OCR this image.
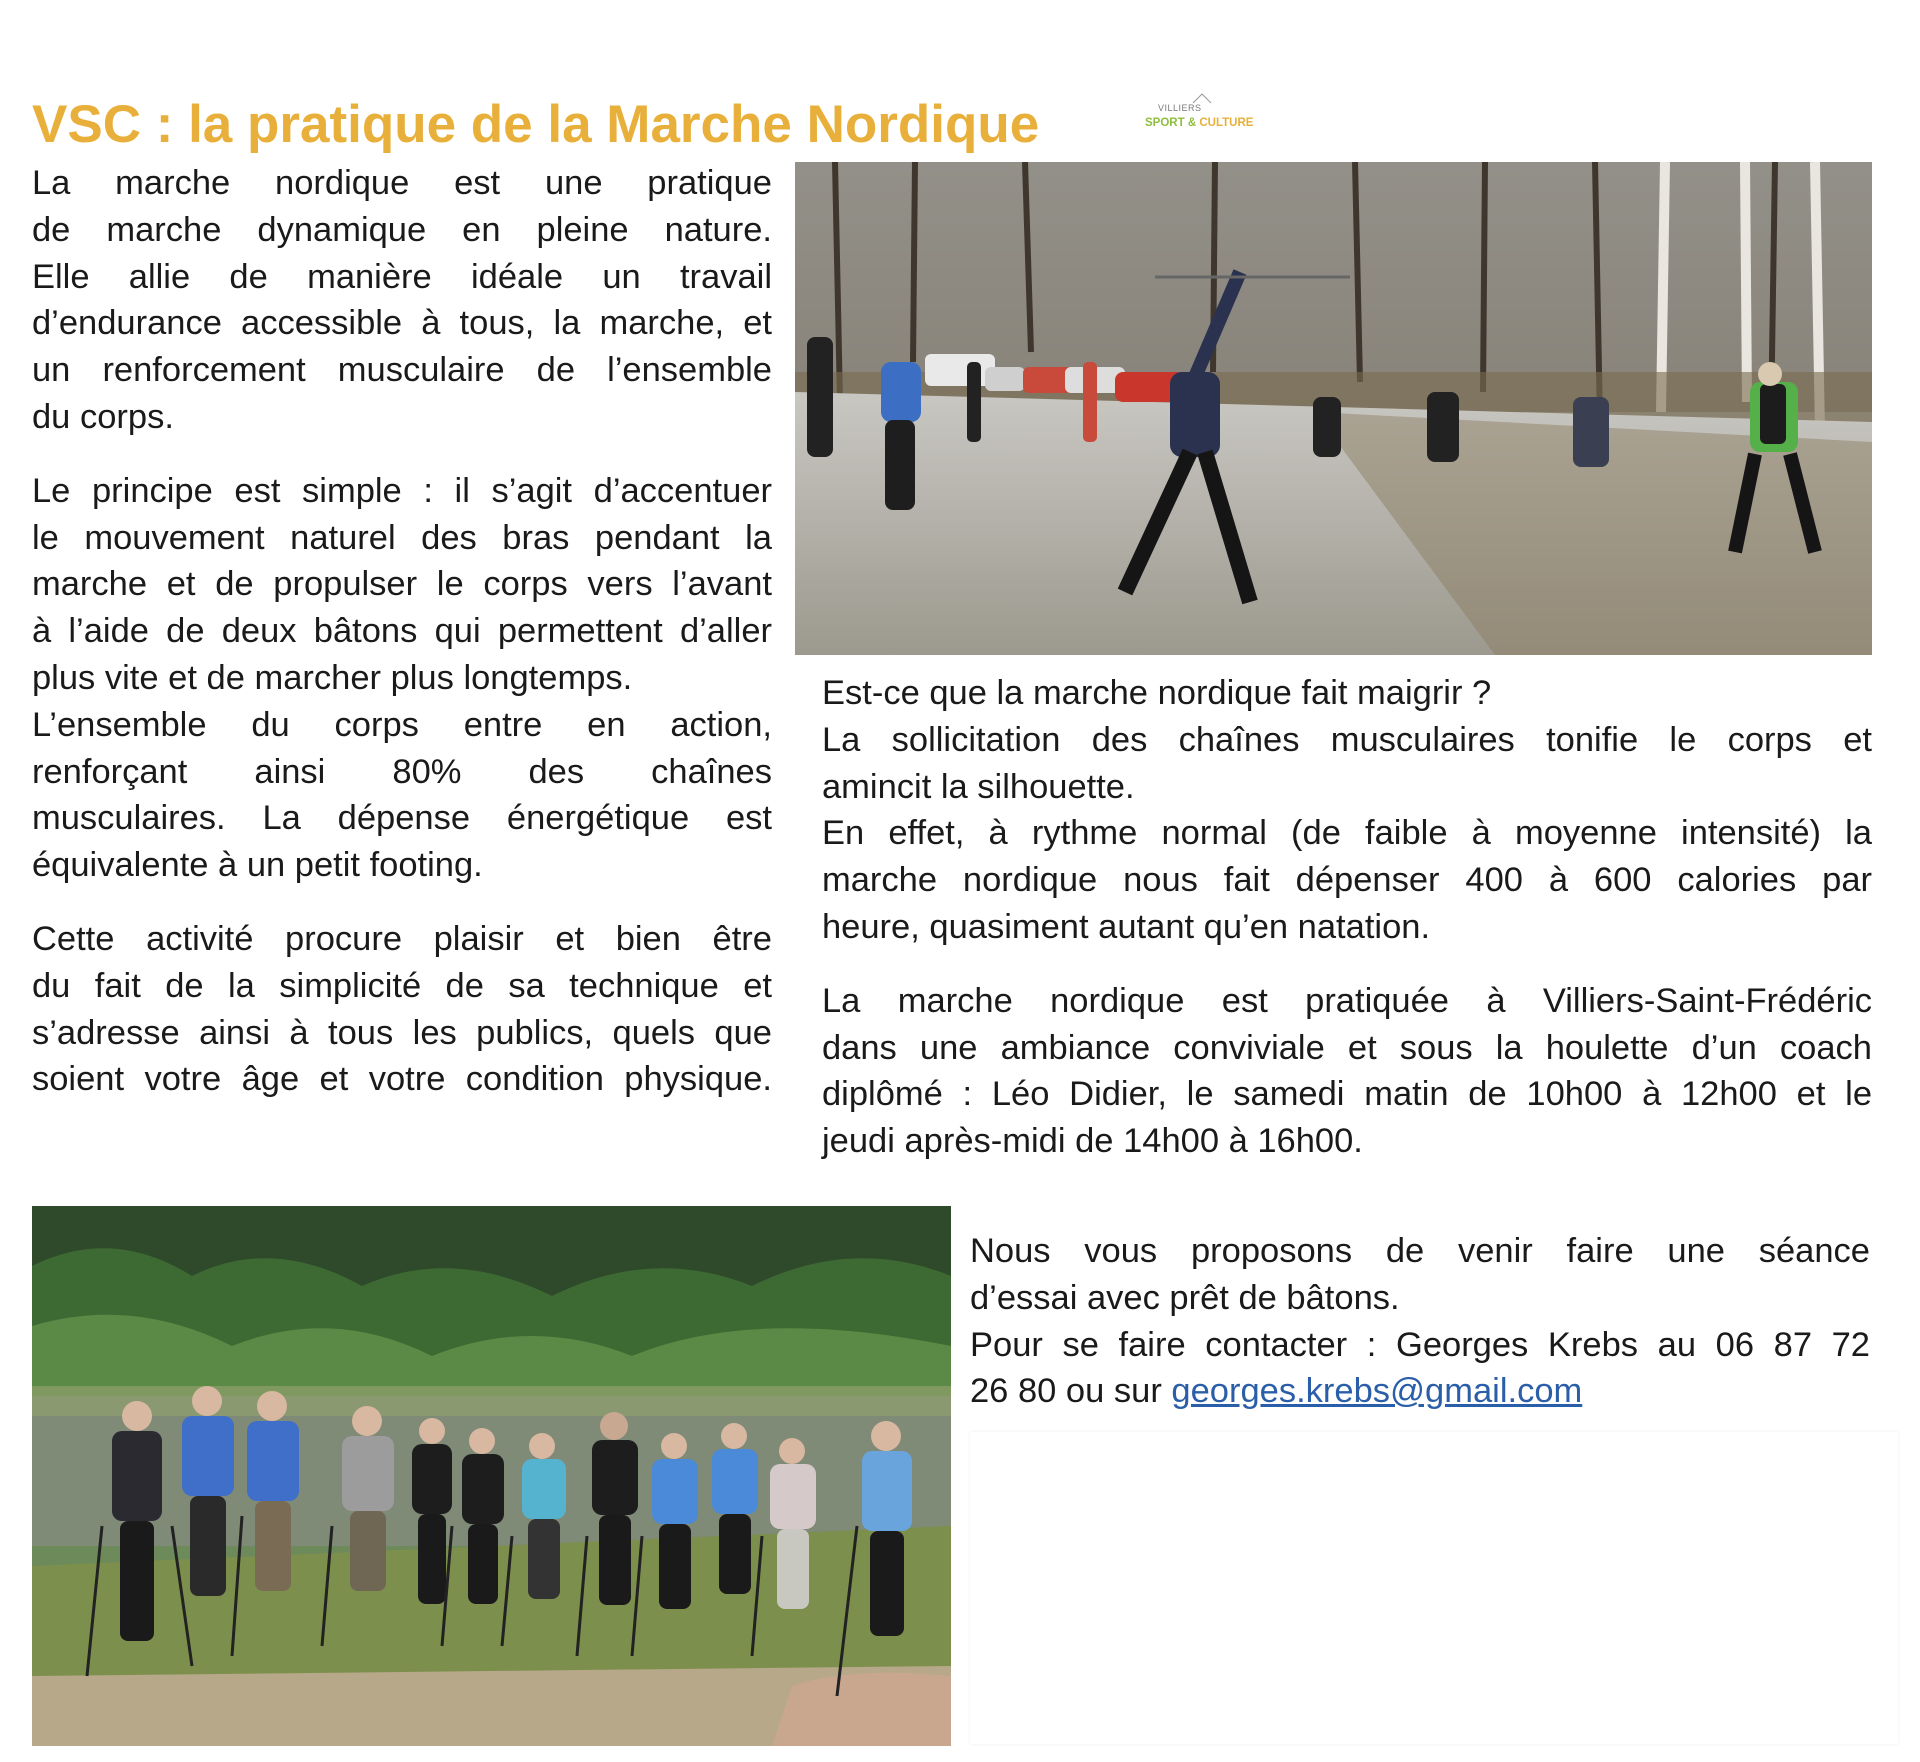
VSC : la pratique de la Marche Nordique	VILLIERS
SPORT & CULTURE

La marche nordique est une pratique

de marche dynamique en pleine nature.

Elle allie de manière idéale un travail

d’endurance accessible à tous, la marche, et

un renforcement musculaire de l’ensemble

du corps.

Le principe est simple : il s’agit d’accentuer

le mouvement naturel des bras pendant la

marche et de propulser le corps vers l’avant

à l’aide de deux bâtons qui permettent d’aller

plus vite et de marcher plus longtemps.

L’ensemble du corps entre en action,

renforçant ainsi 80% des chaînes

musculaires. La dépense énergétique est

équivalente à un petit footing.

Cette activité procure plaisir et bien être

du fait de la simplicité de sa technique et

s’adresse ainsi à tous les publics, quels que

soient votre âge et votre condition physique.

Est-ce que la marche nordique fait maigrir ?

La sollicitation des chaînes musculaires tonifie le corps et

amincit la silhouette.

En effet, à rythme normal (de faible à moyenne intensité) la

marche nordique nous fait dépenser 400 à 600 calories par

heure, quasiment autant qu’en natation.

La marche nordique est pratiquée à Villiers-Saint-Frédéric

dans une ambiance conviviale et sous la houlette d’un coach

diplômé : Léo Didier, le samedi matin de 10h00 à 12h00 et le

jeudi après-midi de 14h00 à 16h00.

Nous vous proposons de venir faire une séance

d’essai avec prêt de bâtons.

Pour se faire contacter : Georges Krebs au 06 87 72

26 80 ou sur georges.krebs@gmail.com
